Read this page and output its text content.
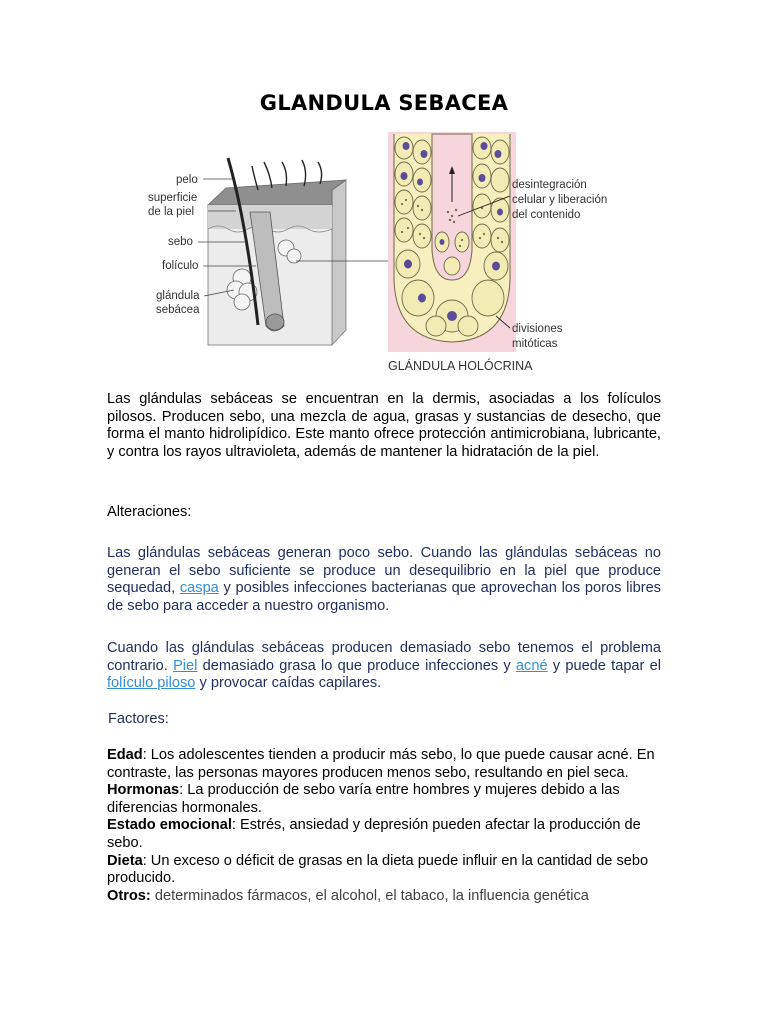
GLANDULA SEBACEA
pelo
superficie
de la piel
sebo
folículo
glándula
sebácea
desintegración
celular y liberación
del contenido
divisiones
mitóticas
GLÁNDULA HOLÓCRINA
Las glándulas sebáceas se encuentran en la dermis, asociadas a los folículos pilosos. Producen sebo, una mezcla de agua, grasas y sustancias de desecho, que forma el manto hidrolipídico. Este manto ofrece protección antimicrobiana, lubricante, y contra los rayos ultravioleta, además de mantener la hidratación de la piel.
Alteraciones:
Las glándulas sebáceas generan poco sebo. Cuando las glándulas sebáceas no generan el sebo suficiente se produce un desequilibrio en la piel que produce sequedad, caspa y posibles infecciones bacterianas que aprovechan los poros libres de sebo para acceder a nuestro organismo.
Cuando las glándulas sebáceas producen demasiado sebo tenemos el problema contrario. Piel demasiado grasa lo que produce infecciones y acné y puede tapar el folículo piloso y provocar caídas capilares.
Factores:
Edad: Los adolescentes tienden a producir más sebo, lo que puede causar acné. En contraste, las personas mayores producen menos sebo, resultando en piel seca.
Hormonas: La producción de sebo varía entre hombres y mujeres debido a las diferencias hormonales.
Estado emocional: Estrés, ansiedad y depresión pueden afectar la producción de sebo.
Dieta: Un exceso o déficit de grasas en la dieta puede influir en la cantidad de sebo producido.
Otros: determinados fármacos, el alcohol, el tabaco, la influencia genética
